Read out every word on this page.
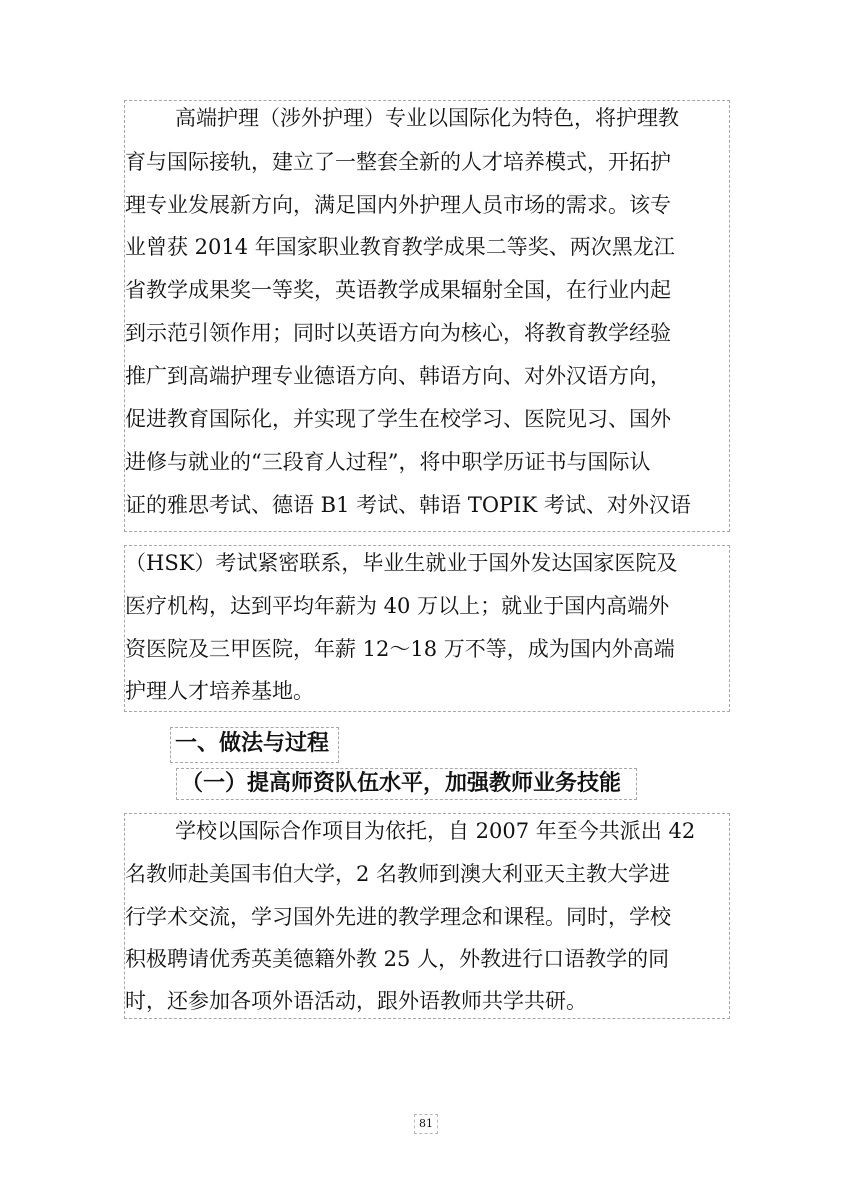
高端护理（涉外护理）专业以国际化为特色，将护理教
育与国际接轨，建立了一整套全新的人才培养模式，开拓护
理专业发展新方向，满足国内外护理人员市场的需求。该专
业曾获 2014 年国家职业教育教学成果二等奖、两次黑龙江
省教学成果奖一等奖，英语教学成果辐射全国，在行业内起
到示范引领作用；同时以英语方向为核心，将教育教学经验
推广到高端护理专业德语方向、韩语方向、对外汉语方向，
促进教育国际化，并实现了学生在校学习、医院见习、国外
进修与就业的“三段育人过程”，将中职学历证书与国际认
证的雅思考试、德语 B1 考试、韩语 TOPIK 考试、对外汉语
（HSK）考试紧密联系，毕业生就业于国外发达国家医院及
医疗机构，达到平均年薪为 40 万以上；就业于国内高端外
资医院及三甲医院，年薪 12～18 万不等，成为国内外高端
护理人才培养基地。
一、做法与过程
（一）提高师资队伍水平，加强教师业务技能
学校以国际合作项目为依托，自 2007 年至今共派出 42
名教师赴美国韦伯大学，2 名教师到澳大利亚天主教大学进
行学术交流，学习国外先进的教学理念和课程。同时，学校
积极聘请优秀英美德籍外教 25 人，外教进行口语教学的同
时，还参加各项外语活动，跟外语教师共学共研。
81
